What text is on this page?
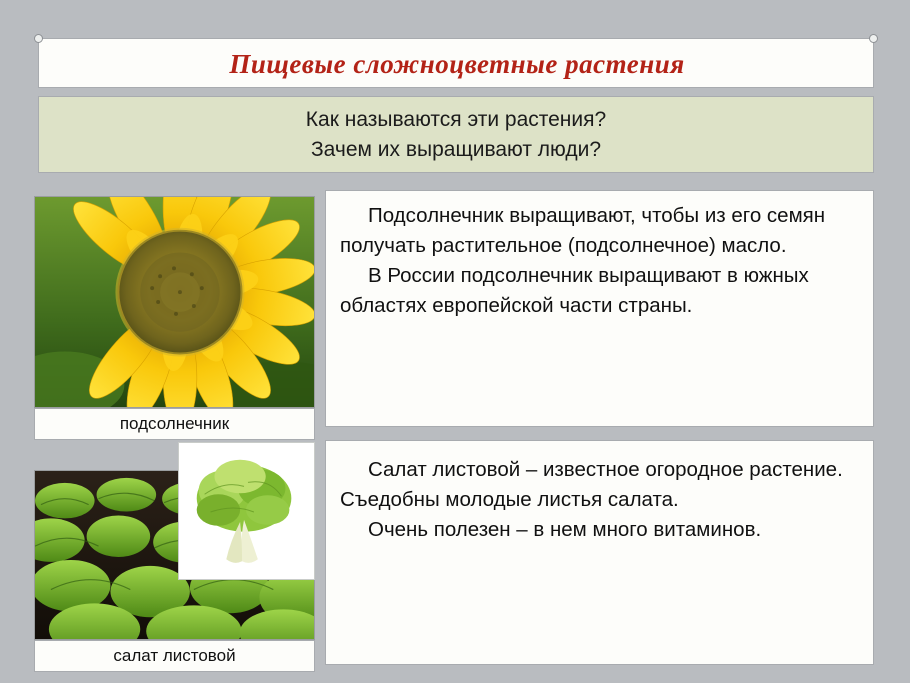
Пищевые сложноцветные растения
Как называются эти растения?
Зачем их выращивают люди?
подсолнечник

Подсолнечник выращивают, чтобы из его семян получать растительное (подсолнечное) масло.

В России подсолнечник выращивают в южных областях европейской части страны.

салат листовой

Салат листовой – известное огородное растение. Съедобны молодые листья салата.

Очень полезен – в нем много витаминов.
